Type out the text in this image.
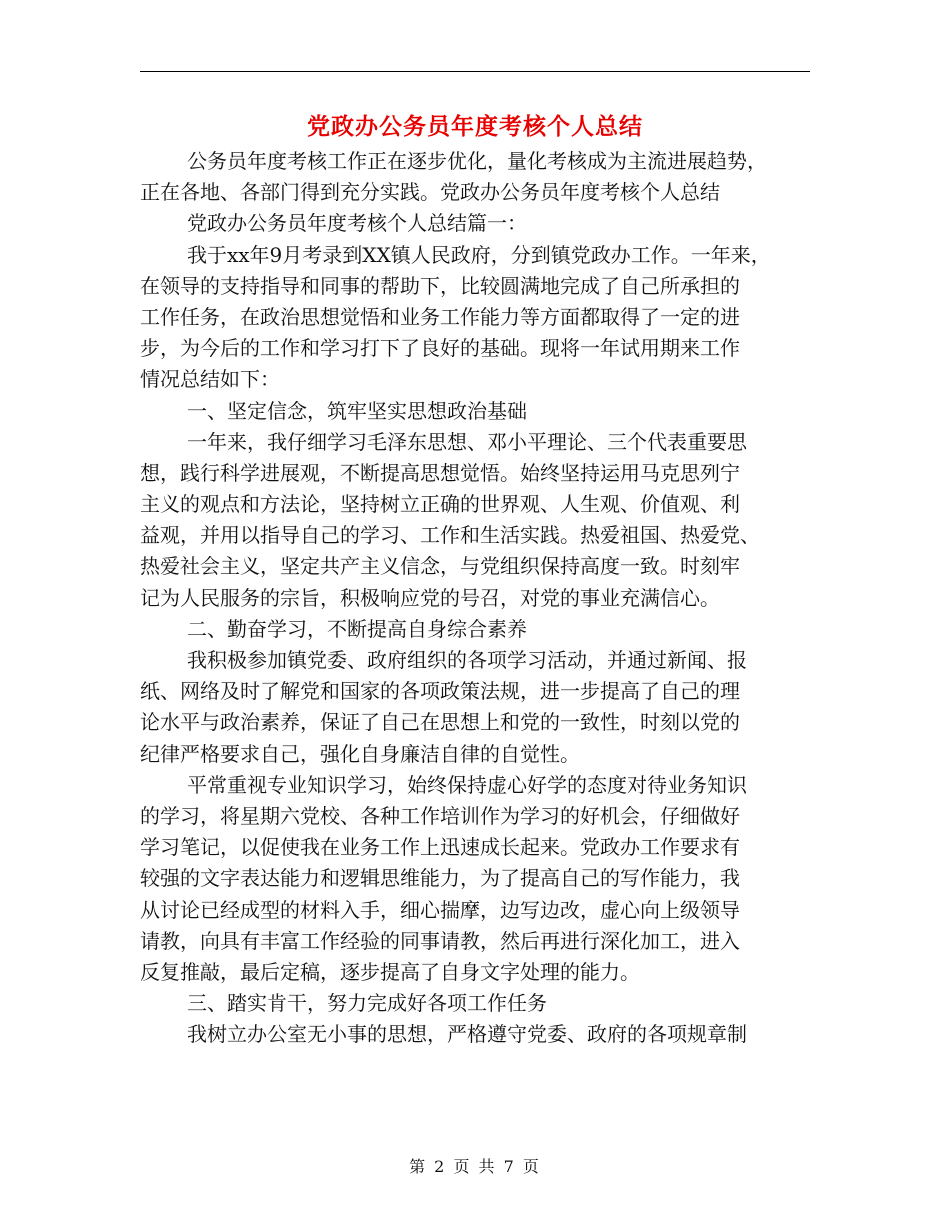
党政办公务员年度考核个人总结
公务员年度考核工作正在逐步优化，量化考核成为主流进展趋势，
正在各地、各部门得到充分实践。党政办公务员年度考核个人总结
党政办公务员年度考核个人总结篇一：
我于xx年9月考录到XX镇人民政府，分到镇党政办工作。一年来，
在领导的支持指导和同事的帮助下，比较圆满地完成了自己所承担的
工作任务，在政治思想觉悟和业务工作能力等方面都取得了一定的进
步，为今后的工作和学习打下了良好的基础。现将一年试用期来工作
情况总结如下：
一、坚定信念，筑牢坚实思想政治基础
一年来，我仔细学习毛泽东思想、邓小平理论、三个代表重要思
想，践行科学进展观，不断提高思想觉悟。始终坚持运用马克思列宁
主义的观点和方法论，坚持树立正确的世界观、人生观、价值观、利
益观，并用以指导自己的学习、工作和生活实践。热爱祖国、热爱党、
热爱社会主义，坚定共产主义信念，与党组织保持高度一致。时刻牢
记为人民服务的宗旨，积极响应党的号召，对党的事业充满信心。
二、勤奋学习，不断提高自身综合素养
我积极参加镇党委、政府组织的各项学习活动，并通过新闻、报
纸、网络及时了解党和国家的各项政策法规，进一步提高了自己的理
论水平与政治素养，保证了自己在思想上和党的一致性，时刻以党的
纪律严格要求自己，强化自身廉洁自律的自觉性。
平常重视专业知识学习，始终保持虚心好学的态度对待业务知识
的学习，将星期六党校、各种工作培训作为学习的好机会，仔细做好
学习笔记，以促使我在业务工作上迅速成长起来。党政办工作要求有
较强的文字表达能力和逻辑思维能力，为了提高自己的写作能力，我
从讨论已经成型的材料入手，细心揣摩，边写边改，虚心向上级领导
请教，向具有丰富工作经验的同事请教，然后再进行深化加工，进入
反复推敲，最后定稿，逐步提高了自身文字处理的能力。
三、踏实肯干，努力完成好各项工作任务
我树立办公室无小事的思想，严格遵守党委、政府的各项规章制
第 2 页 共 7 页
